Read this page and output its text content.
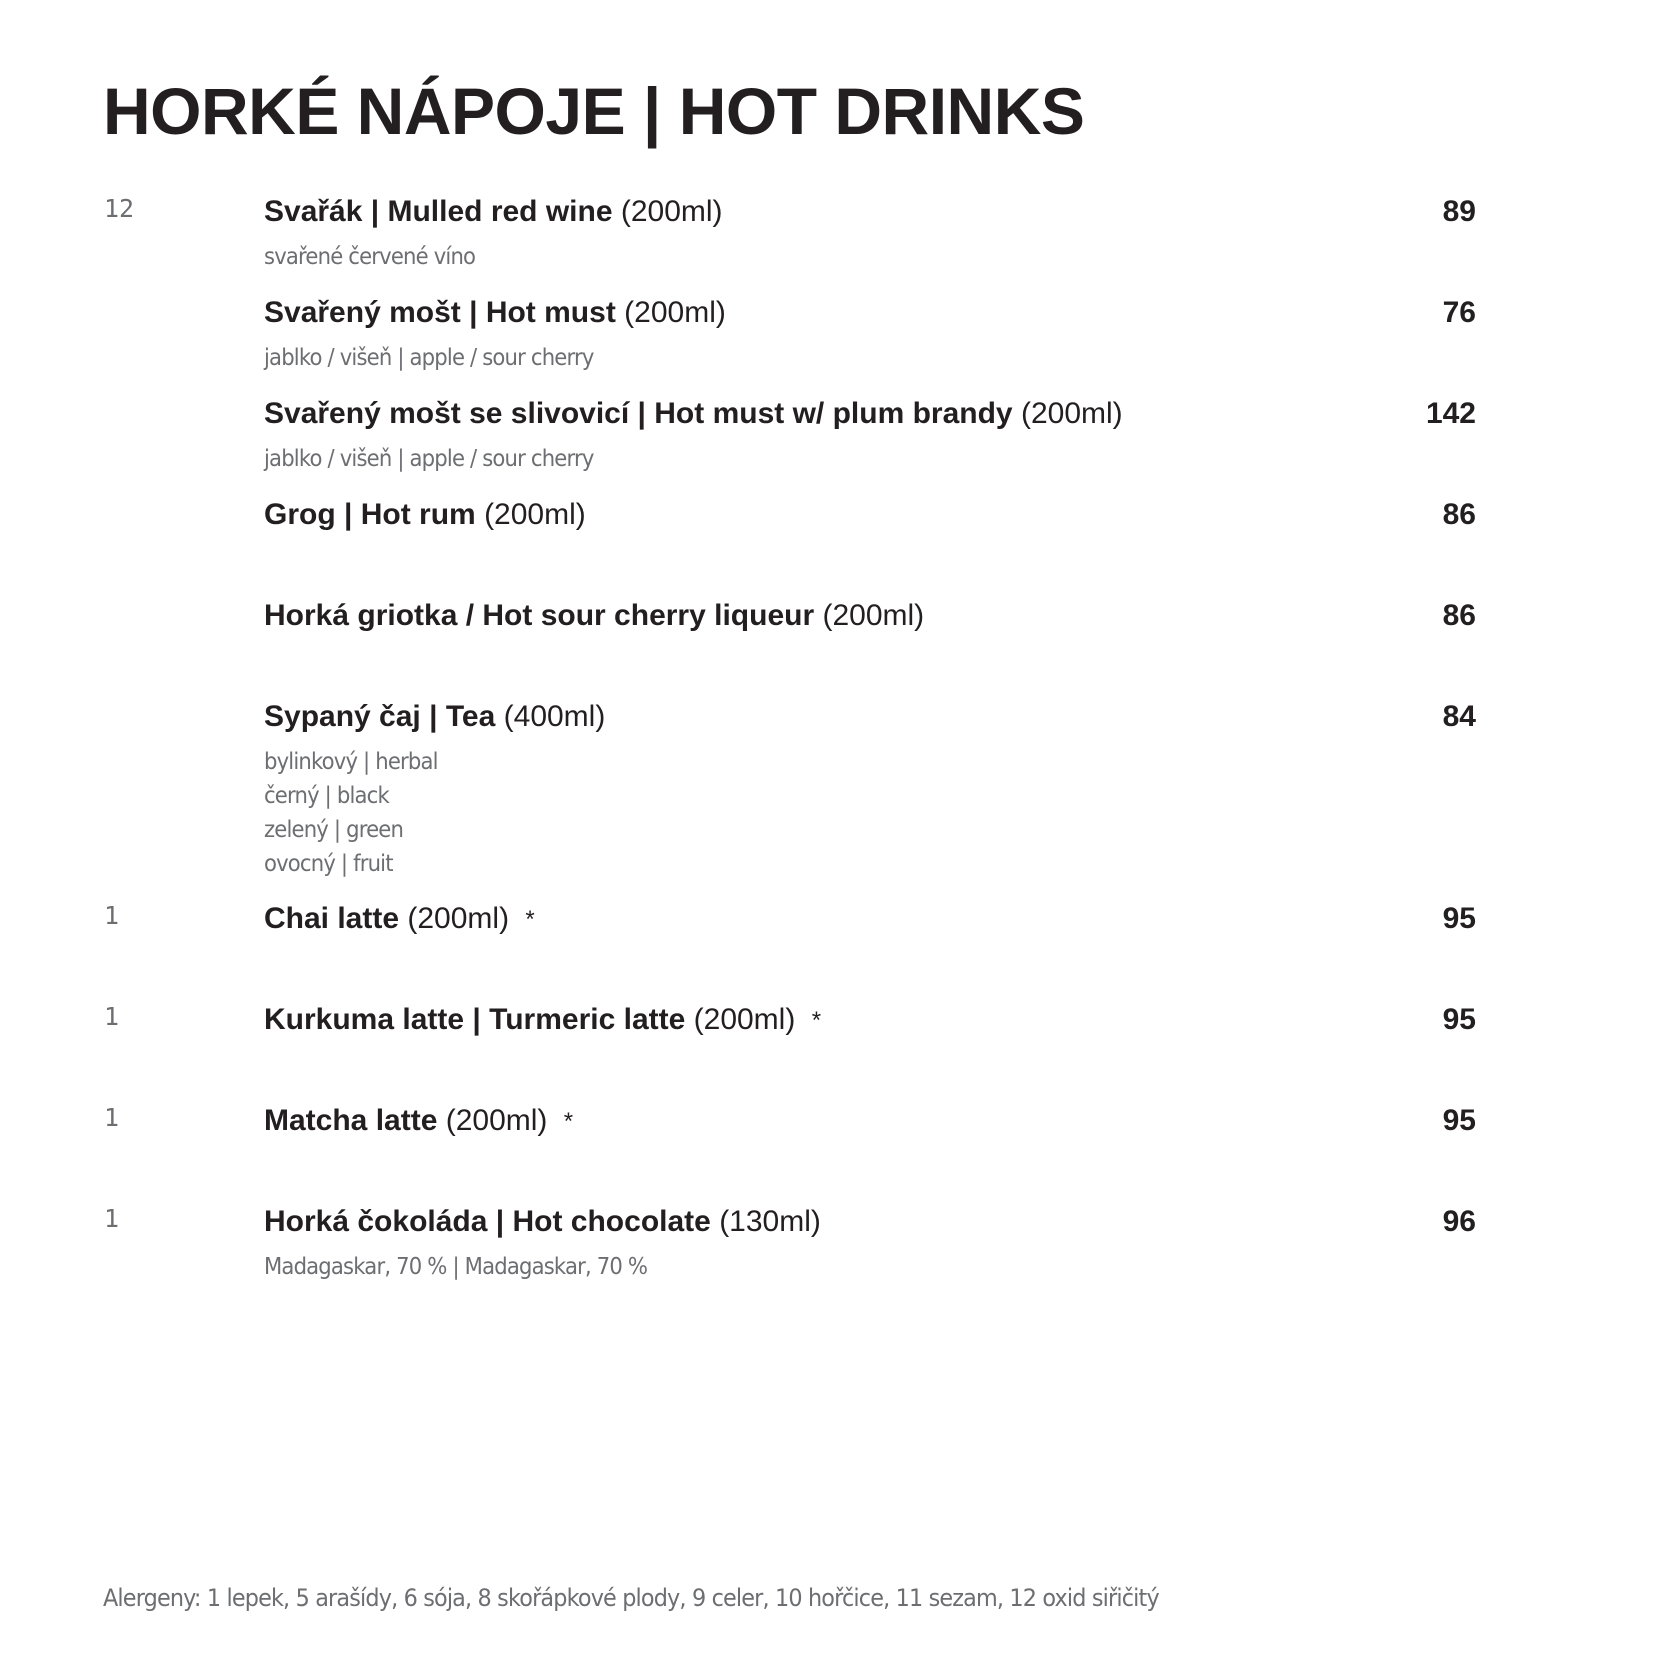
HORKÉ NÁPOJE | HOT DRINKS
12	Svařák | Mulled red wine (200ml)	89
svařené červené víno
Svařený mošt | Hot must (200ml)	76
jablko / višeň | apple / sour cherry
Svařený mošt se slivovicí | Hot must w/ plum brandy (200ml)	142
jablko / višeň | apple / sour cherry
Grog | Hot rum (200ml)	86
Horká griotka / Hot sour cherry liqueur (200ml)	86
Sypaný čaj | Tea (400ml)	84
bylinkový | herbal
černý | black
zelený | green
ovocný | fruit
1	Chai latte (200ml) *	95
1	Kurkuma latte | Turmeric latte (200ml) *	95
1	Matcha latte (200ml) *	95
1	Horká čokoláda | Hot chocolate (130ml)	96
Madagaskar, 70 % | Madagaskar, 70 %
Alergeny: 1 lepek, 5 arašídy, 6 sója, 8 skořápkové plody, 9 celer, 10 hořčice, 11 sezam, 12 oxid siřičitý
